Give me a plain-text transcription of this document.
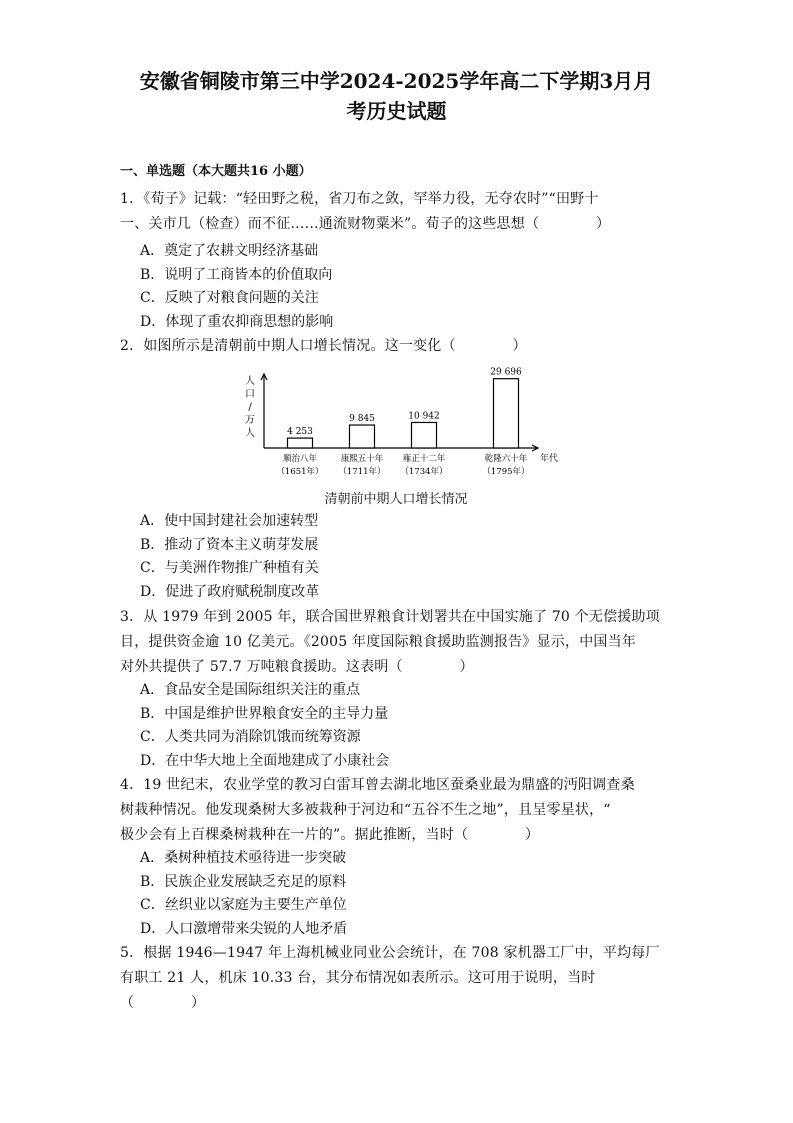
安徽省铜陵市第三中学2024-2025学年高二下学期3月月
考历史试题
一、单选题（本大题共16 小题）
1．《荀子》记载：“轻田野之税，省刀布之敛，罕举力役，无夺农时”“田野十
一、关市几（检查）而不征……通流财物粟米”。荀子的这些思想（　　　　）
A．奠定了农耕文明经济基础
B．说明了工商皆本的价值取向
C．反映了对粮食问题的关注
D．体现了重农抑商思想的影响
2．如图所示是清朝前中期人口增长情况。这一变化（　　　　）
人口/万人
年代
4 253
顺治八年
（1651年）
9 845
康熙五十年
（1711年）
10 942
雍正十二年
（1734年）
29 696
乾隆六十年
（1795年）
清朝前中期人口增长情况
A．使中国封建社会加速转型
B．推动了资本主义萌芽发展
C．与美洲作物推广种植有关
D．促进了政府赋税制度改革
3．从 1979 年到 2005 年，联合国世界粮食计划署共在中国实施了 70 个无偿援助项
目，提供资金逾 10 亿美元。《2005 年度国际粮食援助监测报告》显示，中国当年
对外共提供了 57.7 万吨粮食援助。这表明（　　　　）
A．食品安全是国际组织关注的重点
B．中国是维护世界粮食安全的主导力量
C．人类共同为消除饥饿而统筹资源
D．在中华大地上全面地建成了小康社会
4．19 世纪末，农业学堂的教习白雷耳曾去湖北地区蚕桑业最为鼎盛的沔阳调查桑
树栽种情况。他发现桑树大多被栽种于河边和“五谷不生之地”，且呈零星状，“
极少会有上百棵桑树栽种在一片的”。据此推断，当时（　　　　）
A．桑树种植技术亟待进一步突破
B．民族企业发展缺乏充足的原料
C．丝织业以家庭为主要生产单位
D．人口激增带来尖锐的人地矛盾
5．根据 1946—1947 年上海机械业同业公会统计，在 708 家机器工厂中，平均每厂
有职工 21 人，机床 10.33 台，其分布情况如表所示。这可用于说明，当时
（　　　　）
